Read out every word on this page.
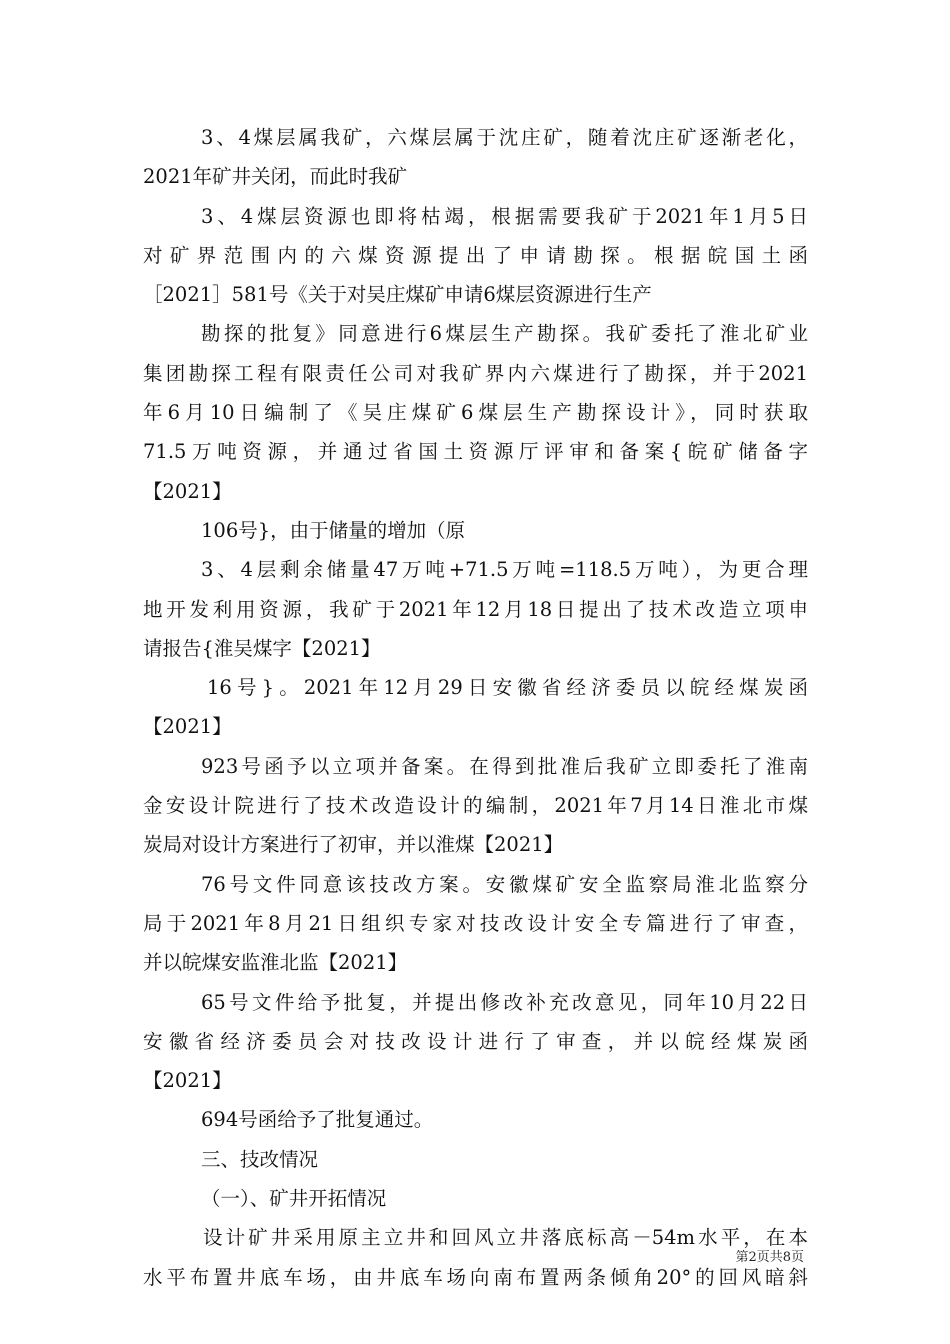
3、4煤层属我矿，六煤层属于沈庄矿，随着沈庄矿逐渐老化，
2021年矿井关闭，而此时我矿
3、4煤层资源也即将枯竭，根据需要我矿于2021年1月5日
对矿界范围内的六煤资源提出了申请勘探。根据皖国土函
［2021］581号《关于对吴庄煤矿申请6煤层资源进行生产
勘探的批复》同意进行6煤层生产勘探。我矿委托了淮北矿业
集团勘探工程有限责任公司对我矿界内六煤进行了勘探，并于2021
年6月10日编制了《吴庄煤矿6煤层生产勘探设计》，同时获取
71.5万吨资源，并通过省国土资源厅评审和备案{皖矿储备字
【2021】
106号}，由于储量的增加（原
3、4层剩余储量47万吨+71.5万吨=118.5万吨），为更合理
地开发利用资源，我矿于2021年12月18日提出了技术改造立项申
请报告{淮吴煤字【2021】
16号}。2021年12月29日安徽省经济委员以皖经煤炭函
【2021】
923号函予以立项并备案。在得到批准后我矿立即委托了淮南
金安设计院进行了技术改造设计的编制，2021年7月14日淮北市煤
炭局对设计方案进行了初审，并以淮煤【2021】
76号文件同意该技改方案。安徽煤矿安全监察局淮北监察分
局于2021年8月21日组织专家对技改设计安全专篇进行了审查，
并以皖煤安监淮北监【2021】
65号文件给予批复，并提出修改补充改意见，同年10月22日
安徽省经济委员会对技改设计进行了审查，并以皖经煤炭函
【2021】
694号函给予了批复通过。
三、技改情况
（一）、矿井开拓情况
设计矿井采用原主立井和回风立井落底标高－54m水平，在本
水平布置井底车场，由井底车场向南布置两条倾角20°的回风暗斜
第2页共8页
